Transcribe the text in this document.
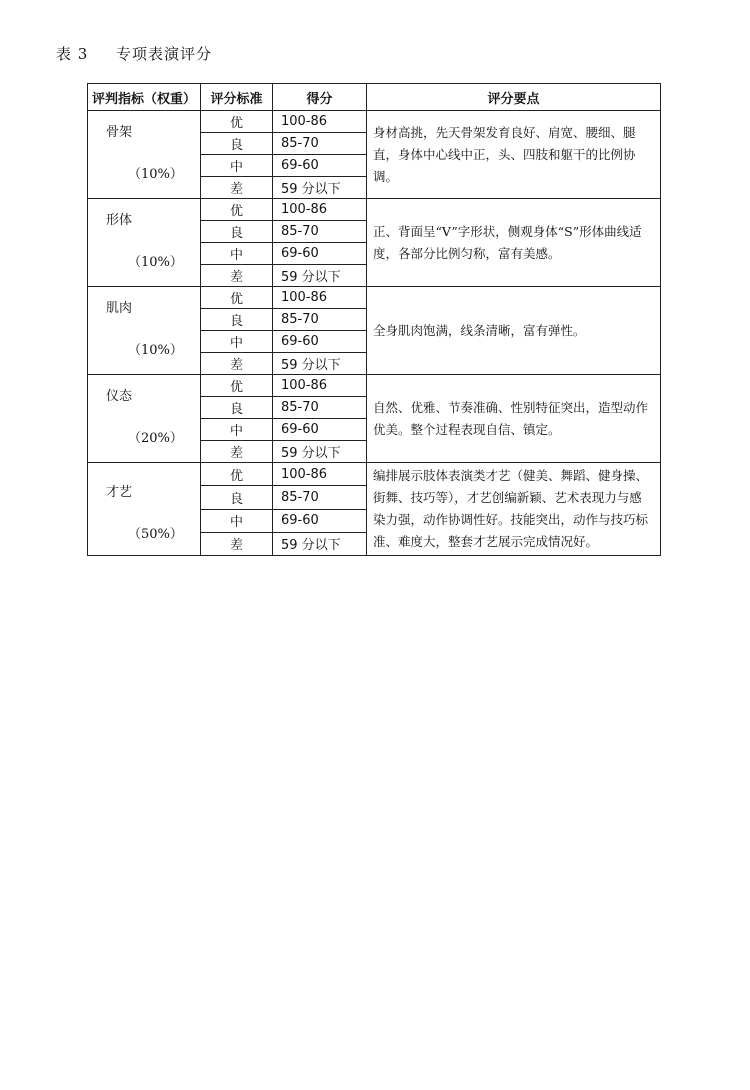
表 3 专项表演评分
评判指标（权重）	评分标准	得分	评分要点

骨架
（10%）	优	100-86	身材高挑，先天骨架发育良好、肩宽、腰细、腿直，身体中心线中正，头、四肢和躯干的比例协调。
	良	85-70	
	中	69-60	
	差	59 分以下	

形体
（10%）	优	100-86	正、背面呈“V”字形状，侧观身体“S”形体曲线适度，各部分比例匀称，富有美感。
	良	85-70	
	中	69-60	
	差	59 分以下	

肌肉
（10%）	优	100-86	全身肌肉饱满，线条清晰，富有弹性。
	良	85-70	
	中	69-60	
	差	59 分以下	

仪态
（20%）	优	100-86	自然、优雅、节奏准确、性别特征突出，造型动作优美。整个过程表现自信、镇定。
	良	85-70	
	中	69-60	
	差	59 分以下	

才艺
（50%）	优	100-86	编排展示肢体表演类才艺（健美、舞蹈、健身操、街舞、技巧等），才艺创编新颖、艺术表现力与感染力强，动作协调性好。技能突出，动作与技巧标准、难度大，整套才艺展示完成情况好。
	良	85-70	
	中	69-60	
	差	59 分以下	
